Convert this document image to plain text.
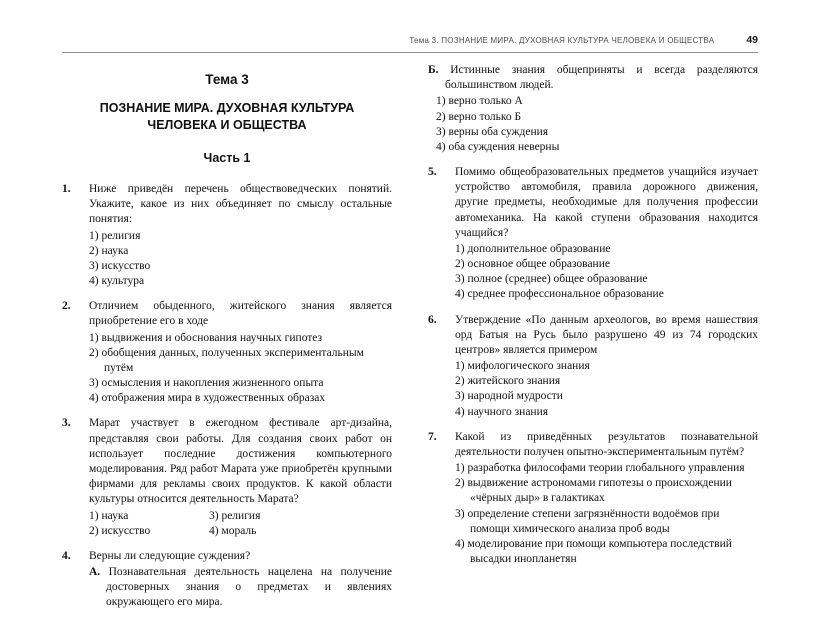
Тема 3. ПОЗНАНИЕ МИРА. ДУХОВНАЯ КУЛЬТУРА ЧЕЛОВЕКА И ОБЩЕСТВА	49
Тема 3
ПОЗНАНИЕ МИРА. ДУХОВНАЯ КУЛЬТУРА ЧЕЛОВЕКА И ОБЩЕСТВА
Часть 1
1.	Ниже приведён перечень обществоведческих понятий. Укажите, какое из них объединяет по смыслу остальные понятия:
1) религия
2) наука
3) искусство
4) культура
2.	Отличием обыденного, житейского знания является приобретение его в ходе
1) выдвижения и обоснования научных гипотез
2) обобщения данных, полученных экспериментальным путём
3) осмысления и накопления жизненного опыта
4) отображения мира в художественных образах
3.	Марат участвует в ежегодном фестивале арт-дизайна, представляя свои работы. Для создания своих работ он использует последние достижения компьютерного моделирования. Ряд работ Марата уже приобретён крупными фирмами для рекламы своих продуктов. К какой области культуры относится деятельность Марата?
1) наука
2) искусство
3) религия
4) мораль
4.	Верны ли следующие суждения?
А. Познавательная деятельность нацелена на получение достоверных знания о предметах и явлениях окружающего его мира.
Б. Истинные знания общеприняты и всегда разделяются большинством людей.
1) верно только А
2) верно только Б
3) верны оба суждения
4) оба суждения неверны
5.	Помимо общеобразовательных предметов учащийся изучает устройство автомобиля, правила дорожного движения, другие предметы, необходимые для получения профессии автомеханика. На какой ступени образования находится учащийся?
1) дополнительное образование
2) основное общее образование
3) полное (среднее) общее образование
4) среднее профессиональное образование
6.	Утверждение «По данным археологов, во время нашествия орд Батыя на Русь было разрушено 49 из 74 городских центров» является примером
1) мифологического знания
2) житейского знания
3) народной мудрости
4) научного знания
7.	Какой из приведённых результатов познавательной деятельности получен опытно-экспериментальным путём?
1) разработка философами теории глобального управления
2) выдвижение астрономами гипотезы о происхождении «чёрных дыр» в галактиках
3) определение степени загрязнённости водоёмов при помощи химического анализа проб воды
4) моделирование при помощи компьютера последствий высадки инопланетян
